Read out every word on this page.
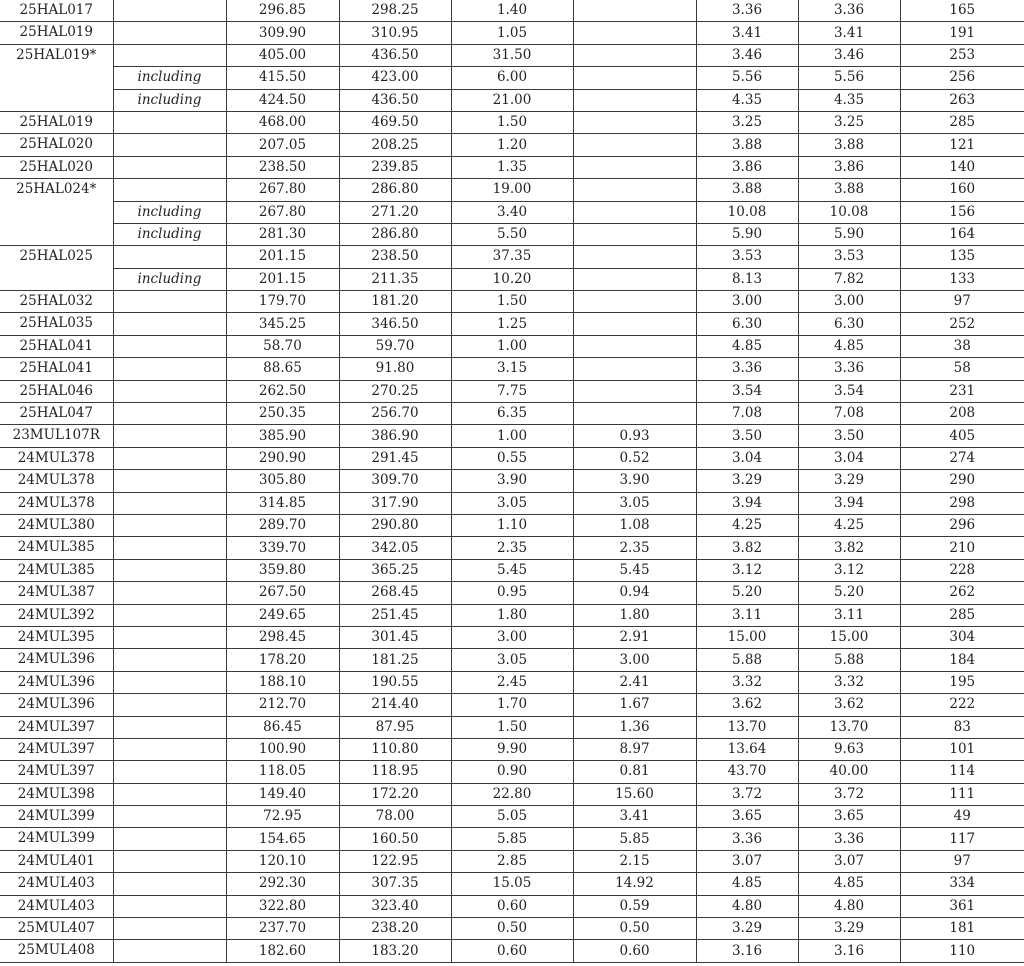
25HAL017		296.85	298.25	1.40		3.36	3.36	165
25HAL019		309.90	310.95	1.05		3.41	3.41	191
25HAL019*		405.00	436.50	31.50		3.46	3.46	253
	including	415.50	423.00	6.00		5.56	5.56	256
	including	424.50	436.50	21.00		4.35	4.35	263
25HAL019		468.00	469.50	1.50		3.25	3.25	285
25HAL020		207.05	208.25	1.20		3.88	3.88	121
25HAL020		238.50	239.85	1.35		3.86	3.86	140
25HAL024*		267.80	286.80	19.00		3.88	3.88	160
	including	267.80	271.20	3.40		10.08	10.08	156
	including	281.30	286.80	5.50		5.90	5.90	164
25HAL025		201.15	238.50	37.35		3.53	3.53	135
	including	201.15	211.35	10.20		8.13	7.82	133
25HAL032		179.70	181.20	1.50		3.00	3.00	97
25HAL035		345.25	346.50	1.25		6.30	6.30	252
25HAL041		58.70	59.70	1.00		4.85	4.85	38
25HAL041		88.65	91.80	3.15		3.36	3.36	58
25HAL046		262.50	270.25	7.75		3.54	3.54	231
25HAL047		250.35	256.70	6.35		7.08	7.08	208
23MUL107R		385.90	386.90	1.00	0.93	3.50	3.50	405
24MUL378		290.90	291.45	0.55	0.52	3.04	3.04	274
24MUL378		305.80	309.70	3.90	3.90	3.29	3.29	290
24MUL378		314.85	317.90	3.05	3.05	3.94	3.94	298
24MUL380		289.70	290.80	1.10	1.08	4.25	4.25	296
24MUL385		339.70	342.05	2.35	2.35	3.82	3.82	210
24MUL385		359.80	365.25	5.45	5.45	3.12	3.12	228
24MUL387		267.50	268.45	0.95	0.94	5.20	5.20	262
24MUL392		249.65	251.45	1.80	1.80	3.11	3.11	285
24MUL395		298.45	301.45	3.00	2.91	15.00	15.00	304
24MUL396		178.20	181.25	3.05	3.00	5.88	5.88	184
24MUL396		188.10	190.55	2.45	2.41	3.32	3.32	195
24MUL396		212.70	214.40	1.70	1.67	3.62	3.62	222
24MUL397		86.45	87.95	1.50	1.36	13.70	13.70	83
24MUL397		100.90	110.80	9.90	8.97	13.64	9.63	101
24MUL397		118.05	118.95	0.90	0.81	43.70	40.00	114
24MUL398		149.40	172.20	22.80	15.60	3.72	3.72	111
24MUL399		72.95	78.00	5.05	3.41	3.65	3.65	49
24MUL399		154.65	160.50	5.85	5.85	3.36	3.36	117
24MUL401		120.10	122.95	2.85	2.15	3.07	3.07	97
24MUL403		292.30	307.35	15.05	14.92	4.85	4.85	334
24MUL403		322.80	323.40	0.60	0.59	4.80	4.80	361
25MUL407		237.70	238.20	0.50	0.50	3.29	3.29	181
25MUL408		182.60	183.20	0.60	0.60	3.16	3.16	110
